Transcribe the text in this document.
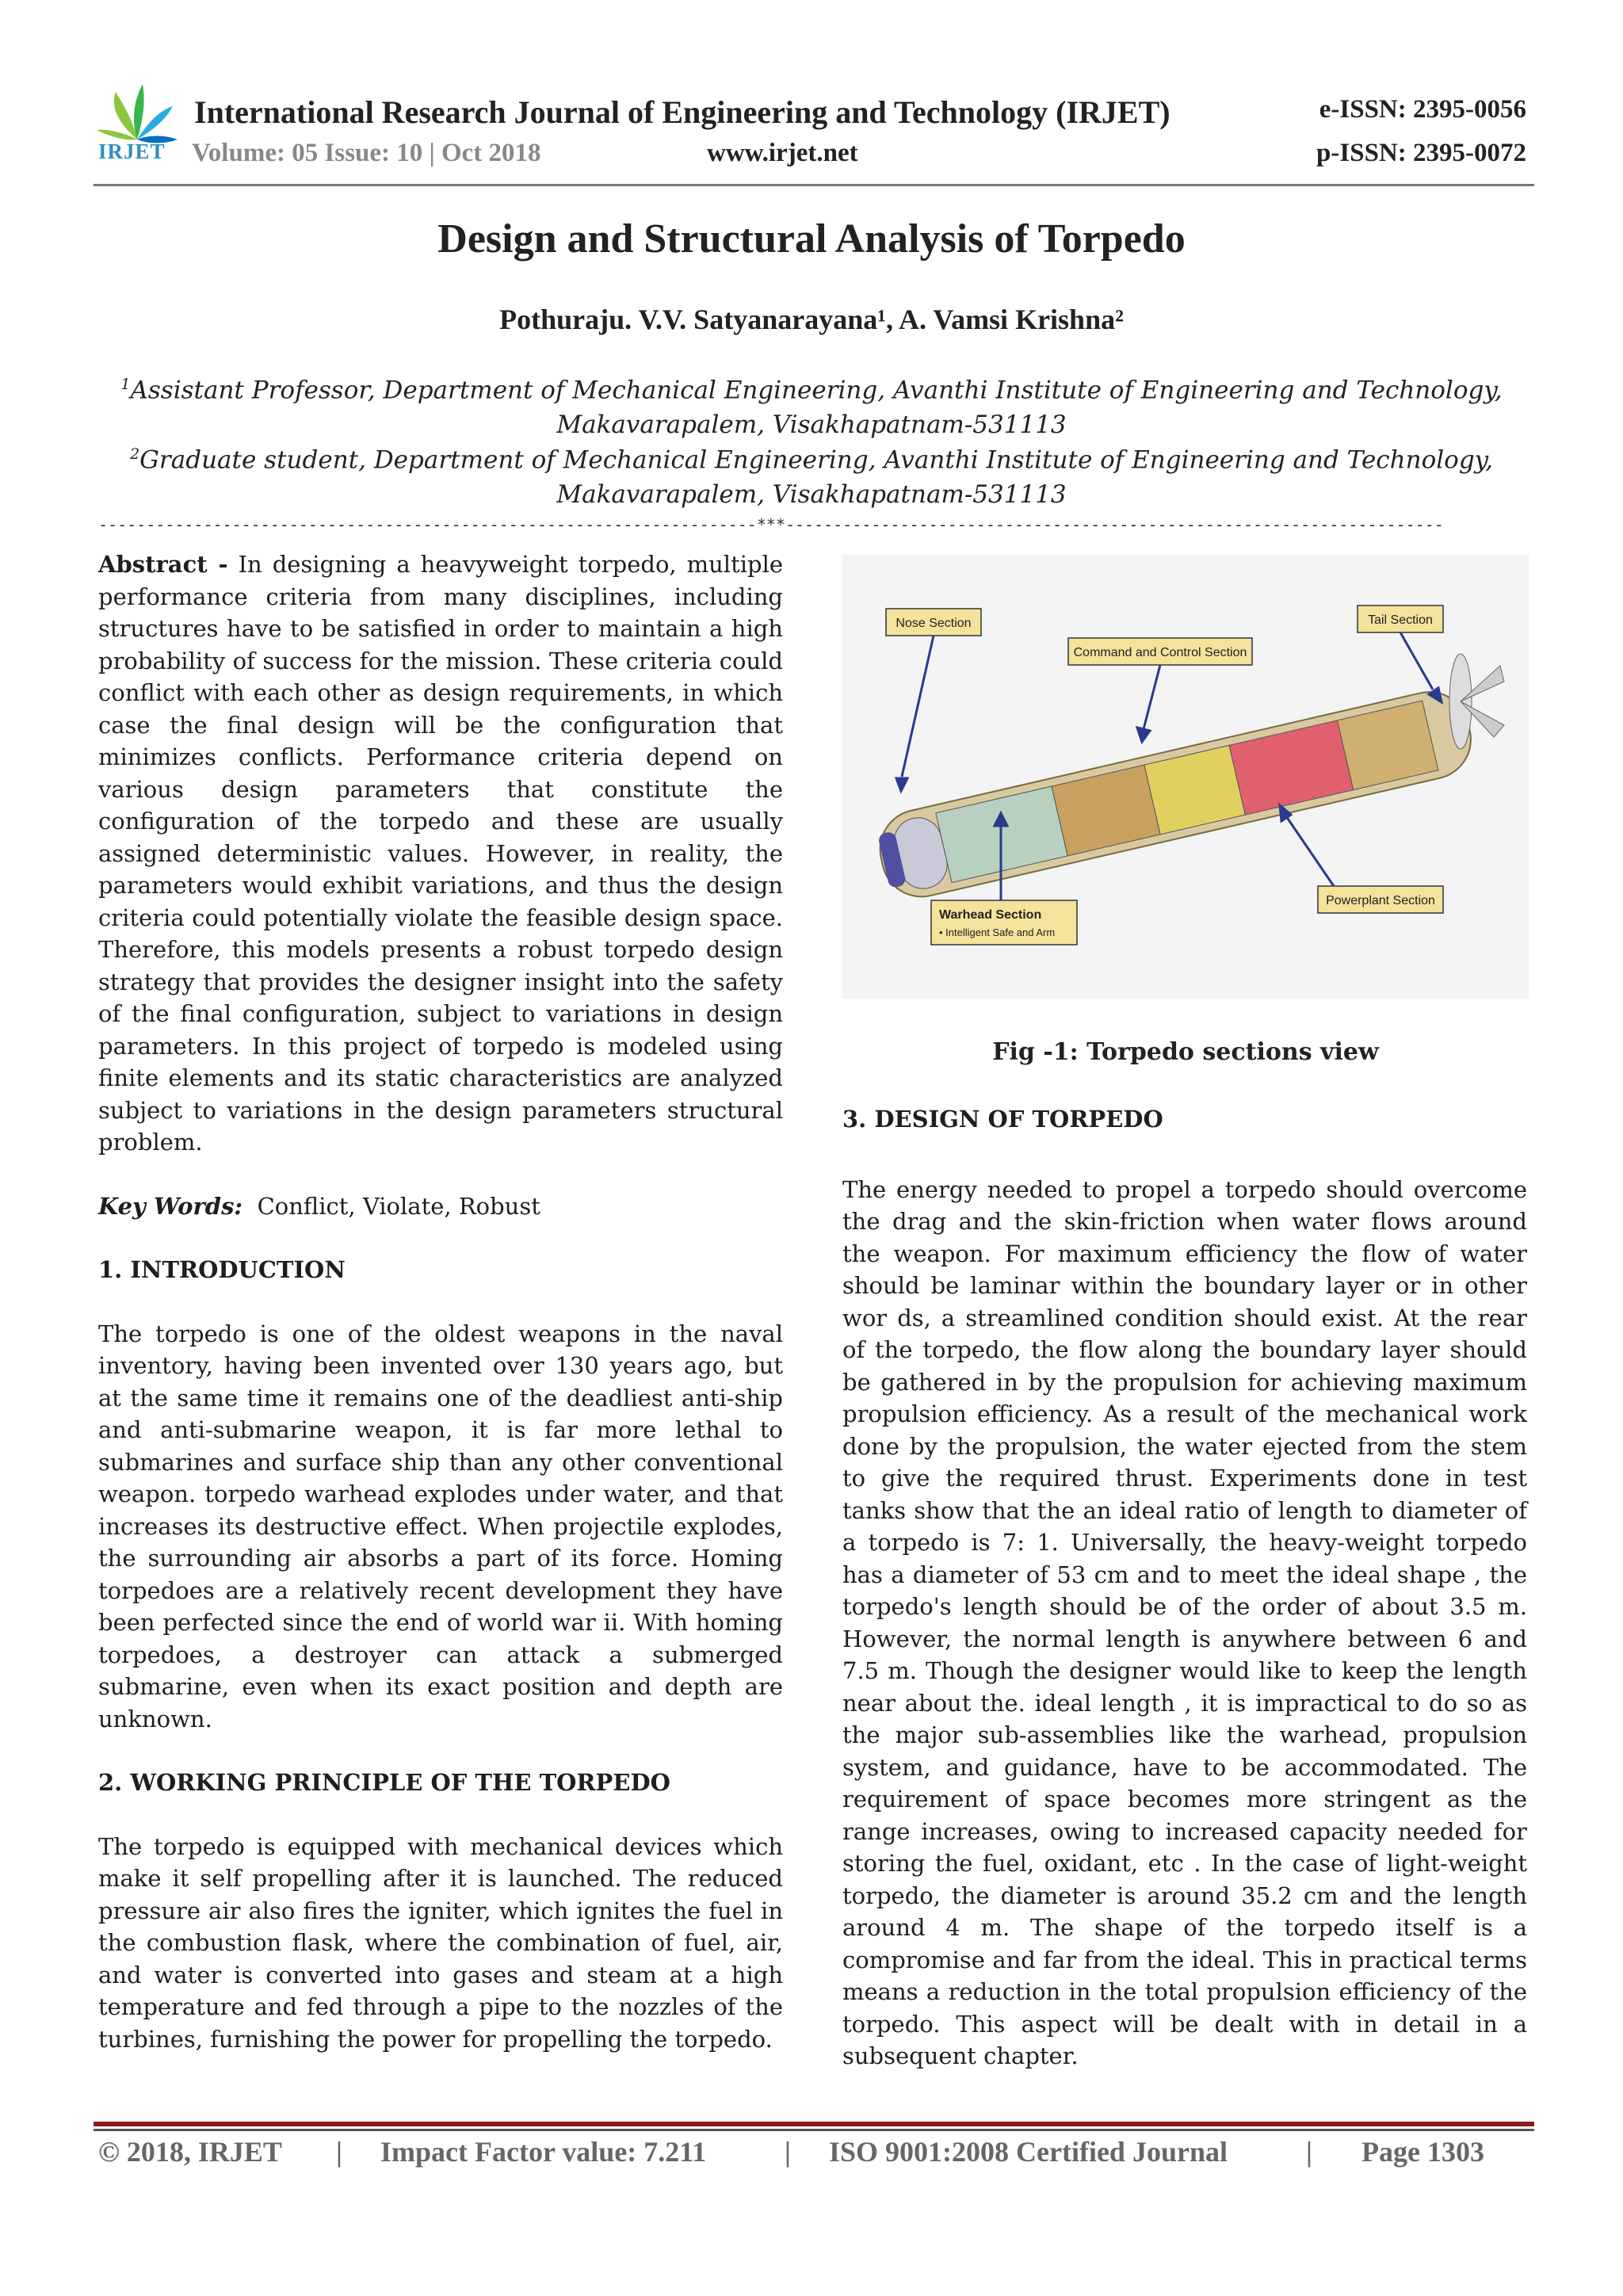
IRJET
International Research Journal of Engineering and Technology (IRJET)	e-ISSN: 2395-0056
Volume: 05 Issue: 10 | Oct 2018	www.irjet.net	p-ISSN: 2395-0072
Design and Structural Analysis of Torpedo
Pothuraju. V.V. Satyanarayana¹, A. Vamsi Krishna²
$^1$Assistant Professor, Department of Mechanical Engineering, Avanthi Institute of Engineering and Technology,
Makavarapalem, Visakhapatnam-531113
$^2$Graduate student, Department of Mechanical Engineering, Avanthi Institute of Engineering and Technology,
Makavarapalem, Visakhapatnam-531113
---------------------------------------------------------------------***---------------------------------------------------------------------

Abstract - In designing a heavyweight torpedo, multiple performance criteria from many disciplines, including structures have to be satisfied in order to maintain a high probability of success for the mission. These criteria could conflict with each other as design requirements, in which case the final design will be the configuration that minimizes conflicts. Performance criteria depend on various design parameters that constitute the configuration of the torpedo and these are usually assigned deterministic values. However, in reality, the parameters would exhibit variations, and thus the design criteria could potentially violate the feasible design space. Therefore, this models presents a robust torpedo design strategy that provides the designer insight into the safety of the final configuration, subject to variations in design parameters. In this project of torpedo is modeled using finite elements and its static characteristics are analyzed subject to variations in the design parameters structural problem.

Key Words: Conflict, Violate, Robust

1. INTRODUCTION

The torpedo is one of the oldest weapons in the naval inventory, having been invented over 130 years ago, but at the same time it remains one of the deadliest anti-ship and anti-submarine weapon, it is far more lethal to submarines and surface ship than any other conventional weapon. torpedo warhead explodes under water, and that increases its destructive effect. When projectile explodes, the surrounding air absorbs a part of its force. Homing torpedoes are a relatively recent development they have been perfected since the end of world war ii. With homing torpedoes, a destroyer can attack a submerged submarine, even when its exact position and depth are unknown.

2. WORKING PRINCIPLE OF THE TORPEDO

The torpedo is equipped with mechanical devices which make it self propelling after it is launched. The reduced pressure air also fires the igniter, which ignites the fuel in the combustion flask, where the combination of fuel, air, and water is converted into gases and steam at a high temperature and fed through a pipe to the nozzles of the turbines, furnishing the power for propelling the torpedo.

Nose Section
Command and Control Section
Tail Section
Warhead Section
• Intelligent Safe and Arm
Powerplant Section
Fig -1: Torpedo sections view

3. DESIGN OF TORPEDO

The energy needed to propel a torpedo should overcome the drag and the skin-friction when water flows around the weapon. For maximum efficiency the flow of water should be laminar within the boundary layer or in other wor ds, a streamlined condition should exist. At the rear of the torpedo, the flow along the boundary layer should be gathered in by the propulsion for achieving maximum propulsion efficiency. As a result of the mechanical work done by the propulsion, the water ejected from the stem to give the required thrust. Experiments done in test tanks show that the an ideal ratio of length to diameter of a torpedo is 7: 1. Universally, the heavy-weight torpedo has a diameter of 53 cm and to meet the ideal shape , the torpedo's length should be of the order of about 3.5 m. However, the normal length is anywhere between 6 and 7.5 m. Though the designer would like to keep the length near about the. ideal length , it is impractical to do so as the major sub-assemblies like the warhead, propulsion system, and guidance, have to be accommodated. The requirement of space becomes more stringent as the range increases, owing to increased capacity needed for storing the fuel, oxidant, etc . In the case of light-weight torpedo, the diameter is around 35.2 cm and the length around 4 m. The shape of the torpedo itself is a compromise and far from the ideal. This in practical terms means a reduction in the total propulsion efficiency of the torpedo. This aspect will be dealt with in detail in a subsequent chapter.

© 2018, IRJET | Impact Factor value: 7.211	| ISO 9001:2008 Certified Journal	| Page 1303
